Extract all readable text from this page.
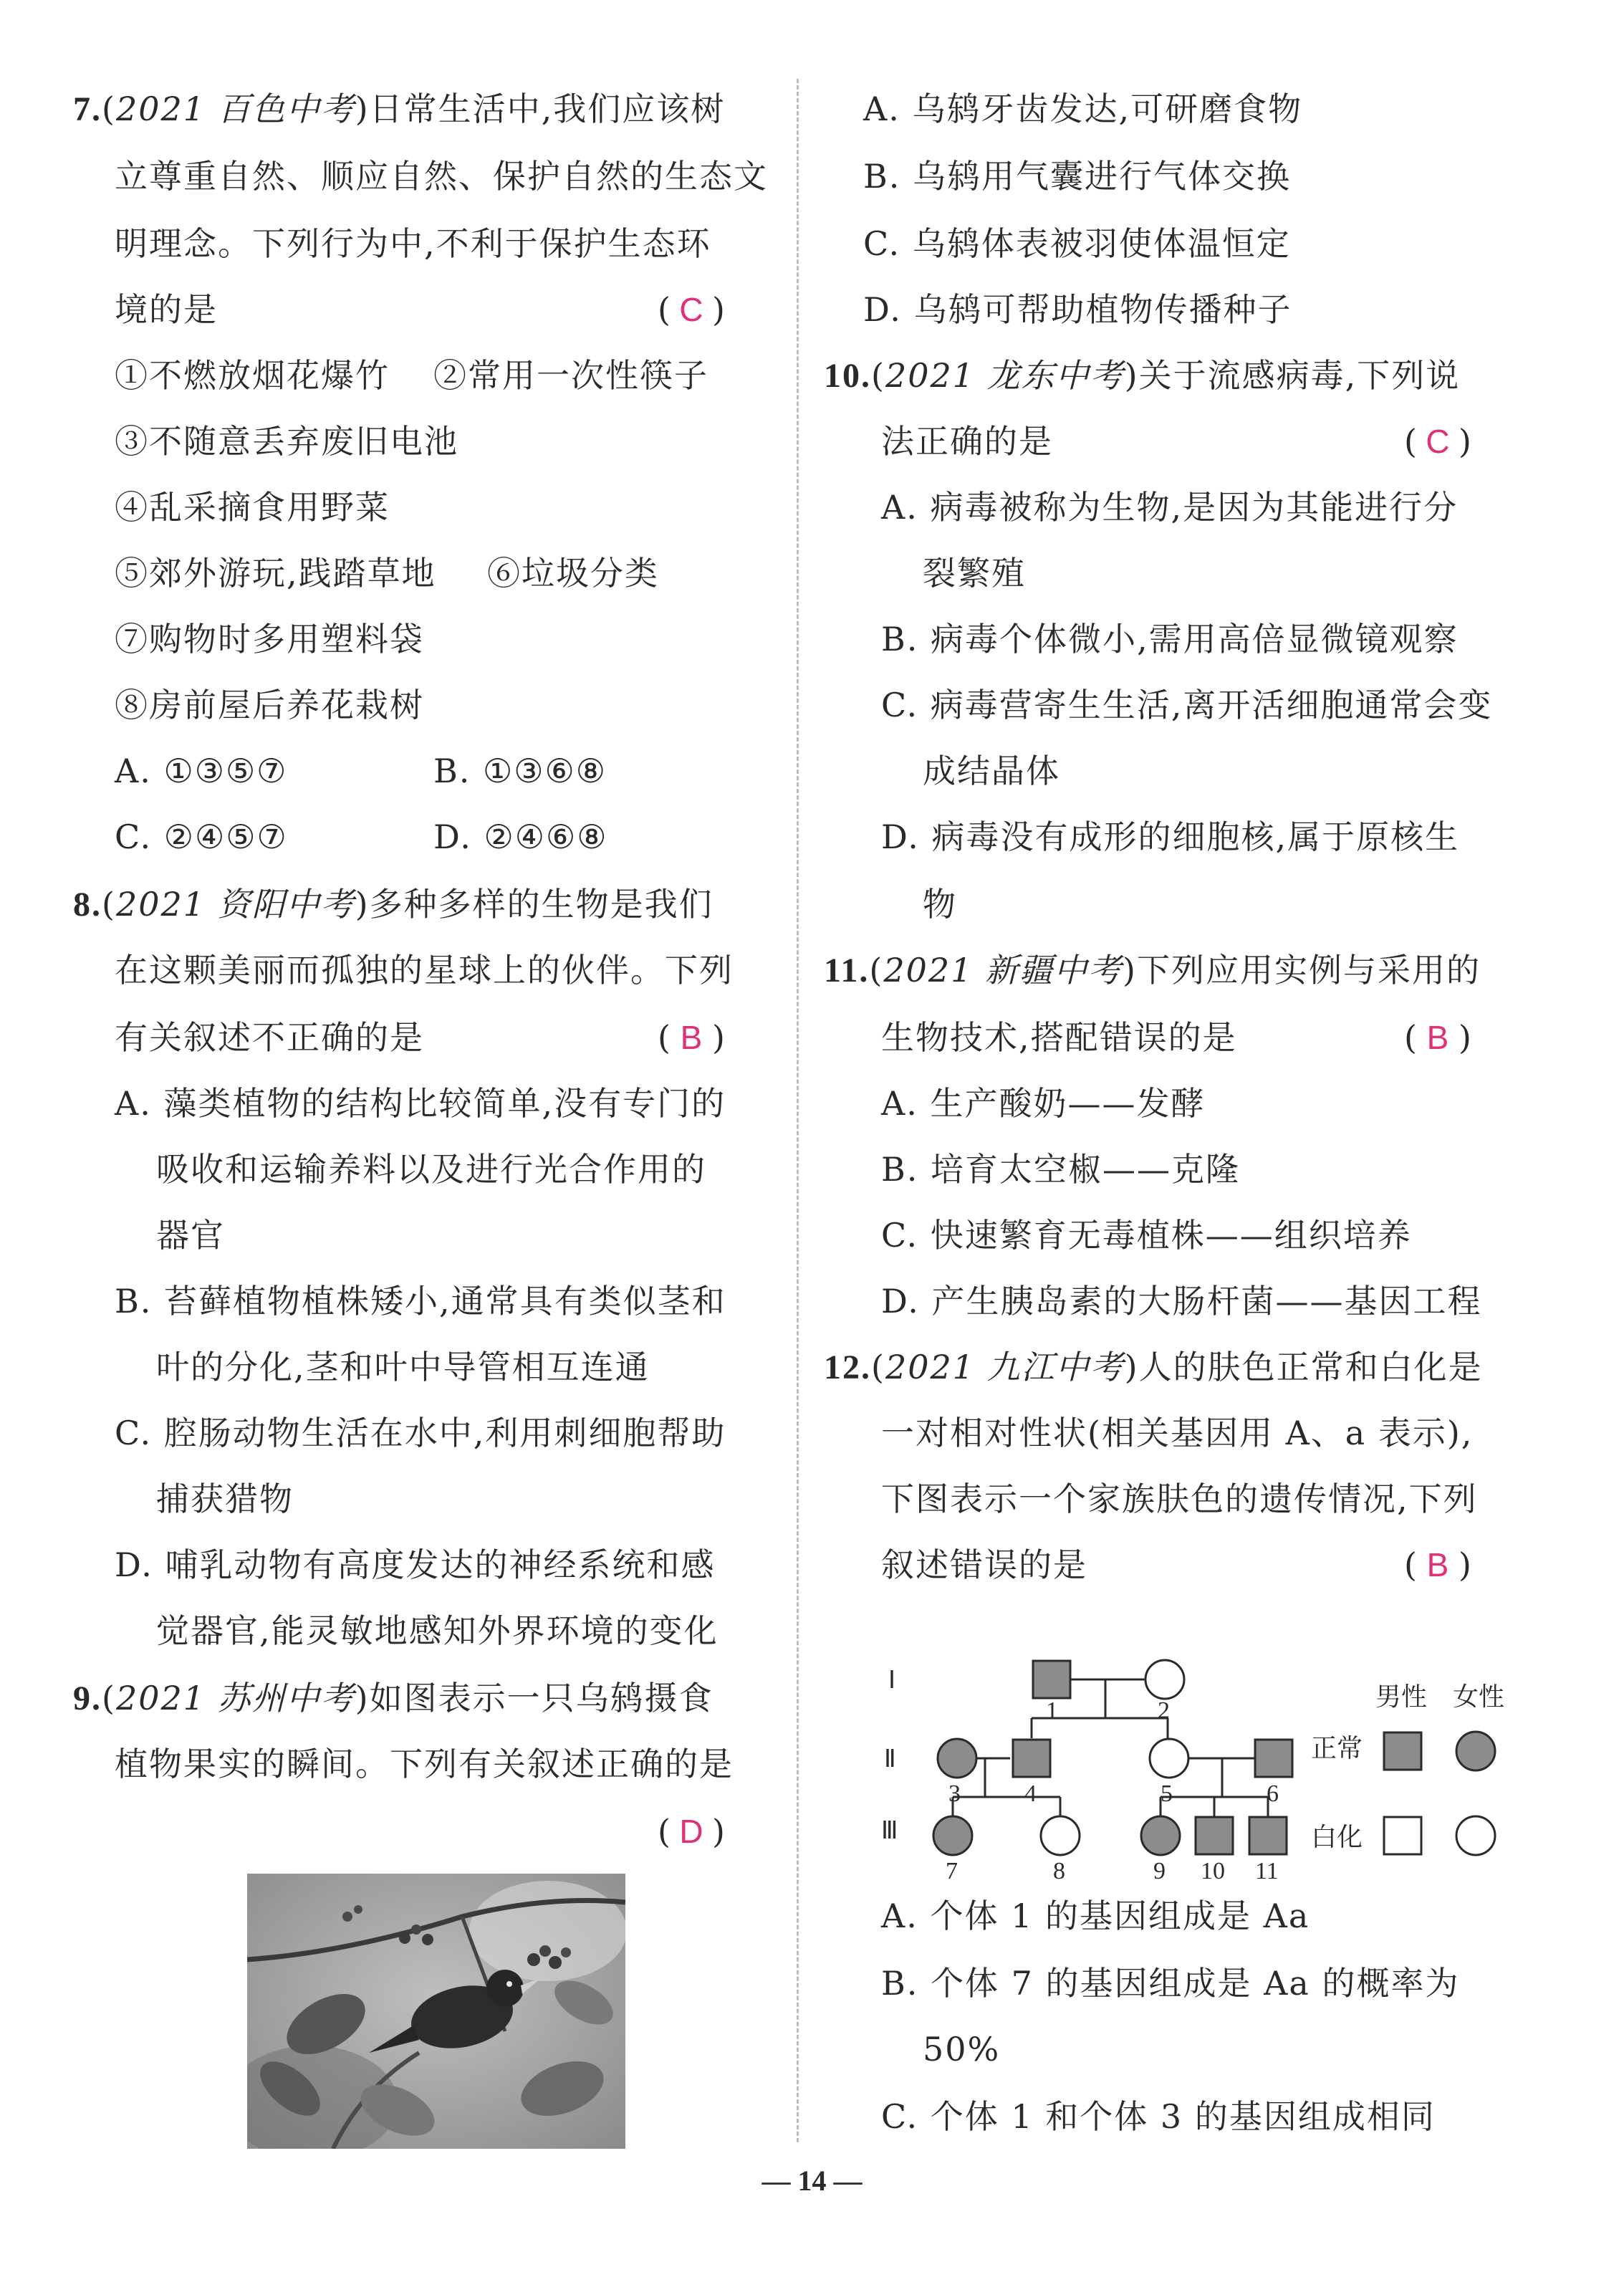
7.(2021 百色中考)日常生活中,我们应该树
立尊重自然、顺应自然、保护自然的生态文
明理念。下列行为中,不利于保护生态环
境的是	( C )
①不燃放烟花爆竹 ②常用一次性筷子
③不随意丢弃废旧电池
④乱采摘食用野菜
⑤郊外游玩,践踏草地 ⑥垃圾分类
⑦购物时多用塑料袋
⑧房前屋后养花栽树
A. ①③⑤⑦	B. ①③⑥⑧
C. ②④⑤⑦	D. ②④⑥⑧
8.(2021 资阳中考)多种多样的生物是我们
在这颗美丽而孤独的星球上的伙伴。下列
有关叙述不正确的是	( B )
A. 藻类植物的结构比较简单,没有专门的
吸收和运输养料以及进行光合作用的
器官
B. 苔藓植物植株矮小,通常具有类似茎和
叶的分化,茎和叶中导管相互连通
C. 腔肠动物生活在水中,利用刺细胞帮助
捕获猎物
D. 哺乳动物有高度发达的神经系统和感
觉器官,能灵敏地感知外界环境的变化
9.(2021 苏州中考)如图表示一只乌鸫摄食
植物果实的瞬间。下列有关叙述正确的是
( D )
A. 乌鸫牙齿发达,可研磨食物
B. 乌鸫用气囊进行气体交换
C. 乌鸫体表被羽使体温恒定
D. 乌鸫可帮助植物传播种子
10.(2021 龙东中考)关于流感病毒,下列说
法正确的是	( C )
A. 病毒被称为生物,是因为其能进行分
裂繁殖
B. 病毒个体微小,需用高倍显微镜观察
C. 病毒营寄生生活,离开活细胞通常会变
成结晶体
D. 病毒没有成形的细胞核,属于原核生
物
11.(2021 新疆中考)下列应用实例与采用的
生物技术,搭配错误的是	( B )
A. 生产酸奶——发酵
B. 培育太空椒——克隆
C. 快速繁育无毒植株——组织培养
D. 产生胰岛素的大肠杆菌——基因工程
12.(2021 九江中考)人的肤色正常和白化是
一对相对性状(相关基因用 A、a 表示),
下图表示一个家族肤色的遗传情况,下列
叙述错误的是	( B )
Ⅰ
Ⅱ
Ⅲ
1	2
3	4	5	6
7	8	9 10 11
男性 女性
正常
白化
A. 个体 1 的基因组成是 Aa
B. 个体 7 的基因组成是 Aa 的概率为
50%
C. 个体 1 和个体 3 的基因组成相同
— 14 —
